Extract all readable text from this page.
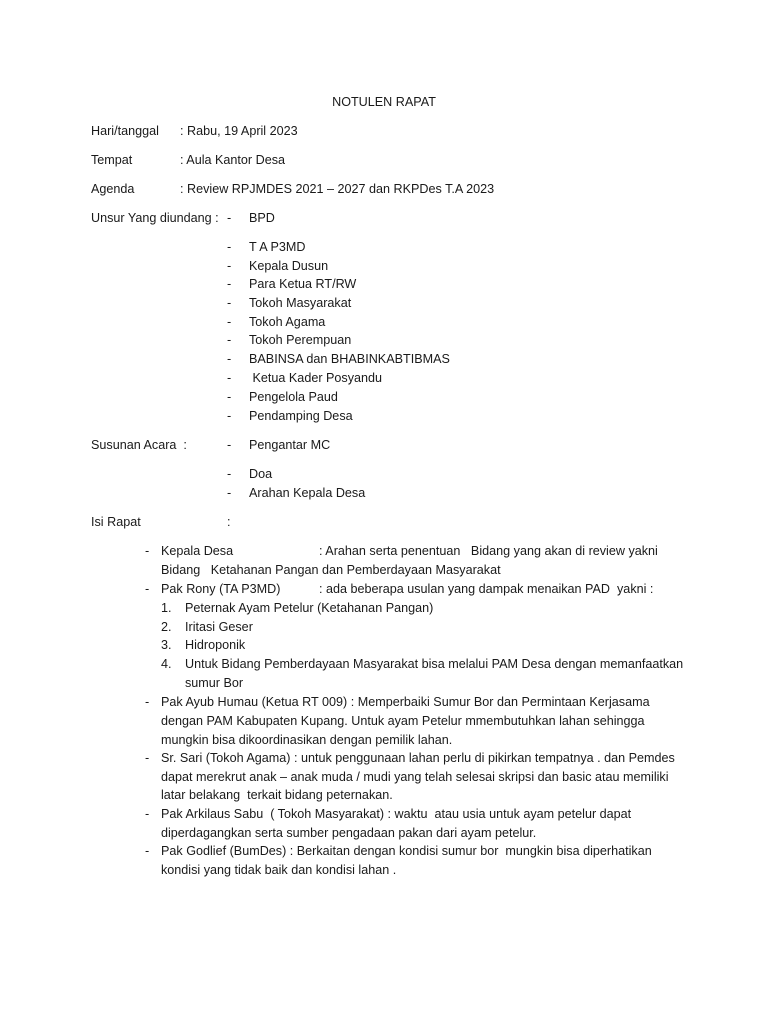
NOTULEN RAPAT
Hari/tanggal : Rabu, 19 April 2023
Tempat	: Aula Kantor Desa
Agenda	: Review RPJMDES 2021 – 2027 dan RKPDes T.A 2023
Unsur Yang diundang : - BPD
- T A P3MD
- Kepala Dusun
- Para Ketua RT/RW
- Tokoh Masyarakat
- Tokoh Agama
- Tokoh Perempuan
- BABINSA dan BHABINKABTIBMAS
- Ketua Kader Posyandu
- Pengelola Paud
- Pendamping Desa
Susunan Acara  :	- Pengantar MC
- Doa
- Arahan Kepala Desa
Isi Rapat	:
- Kepala Desa	: Arahan serta penentuan   Bidang yang akan di review yakni
Bidang   Ketahanan Pangan dan Pemberdayaan Masyarakat
- Pak Rony (TA P3MD)	: ada beberapa usulan yang dampak menaikan PAD  yakni :
1. Peternak Ayam Petelur (Ketahanan Pangan)
2. Iritasi Geser
3. Hidroponik
4. Untuk Bidang Pemberdayaan Masyarakat bisa melalui PAM Desa dengan memanfaatkan
sumur Bor
- Pak Ayub Humau (Ketua RT 009) : Memperbaiki Sumur Bor dan Permintaan Kerjasama
dengan PAM Kabupaten Kupang. Untuk ayam Petelur mmembutuhkan lahan sehingga
mungkin bisa dikoordinasikan dengan pemilik lahan.
- Sr. Sari (Tokoh Agama) : untuk penggunaan lahan perlu di pikirkan tempatnya . dan Pemdes
dapat merekrut anak – anak muda / mudi yang telah selesai skripsi dan basic atau memiliki
latar belakang  terkait bidang peternakan.
- Pak Arkilaus Sabu  ( Tokoh Masyarakat) : waktu  atau usia untuk ayam petelur dapat
diperdagangkan serta sumber pengadaan pakan dari ayam petelur.
- Pak Godlief (BumDes) : Berkaitan dengan kondisi sumur bor  mungkin bisa diperhatikan
kondisi yang tidak baik dan kondisi lahan .
